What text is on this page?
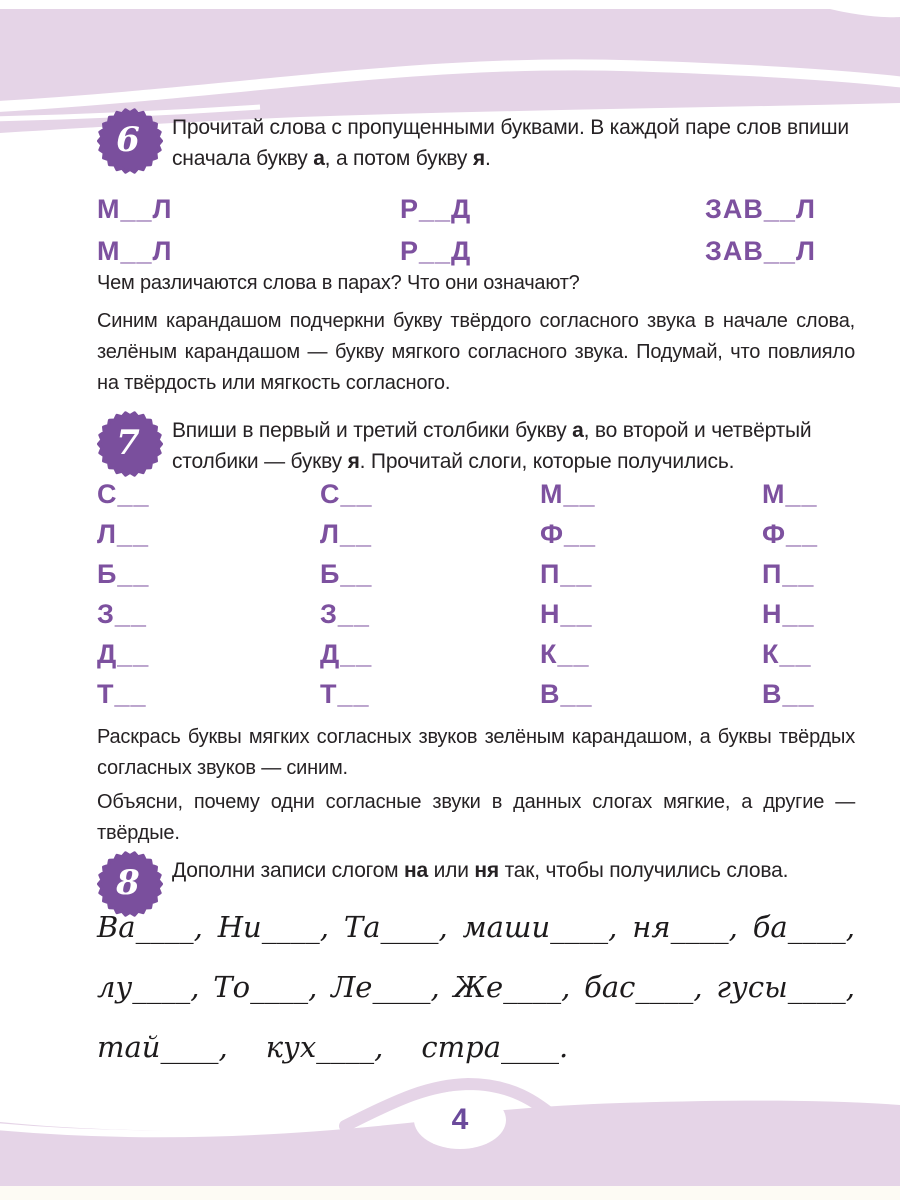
6	Прочитай слова с пропущенными буквами. В каждой паре слов впиши сначала букву а, а потом букву я.

М__Л	Р__Д	ЗАВ__Л
М__Л	Р__Д	ЗАВ__Л

Чем различаются слова в парах? Что они означают?

Синим карандашом подчеркни букву твёрдого согласного звука в начале слова, зелёным карандашом — букву мягкого согласного звука. Подумай, что повлияло на твёрдость или мягкость согласного.

7	Впиши в первый и третий столбики букву а, во второй и четвёртый столбики — букву я. Прочитай слоги, которые получились.

С__	С__	М__	М__
Л__	Л__	Ф__	Ф__
Б__	Б__	П__	П__
З__	З__	Н__	Н__
Д__	Д__	К__	К__
Т__	Т__	В__	В__

Раскрась буквы мягких согласных звуков зелёным карандашом, а буквы твёрдых согласных звуков — синим.

Объясни, почему одни согласные звуки в данных слогах мягкие, а другие — твёрдые.

8	Дополни записи слогом на или ня так, чтобы получились слова.

Ва____, Ни____, Та____, маши____, ня____, ба____,
лу____, То____, Ле____, Же____, бас____, гусы____,
тай____, кух____, стра____.
4
